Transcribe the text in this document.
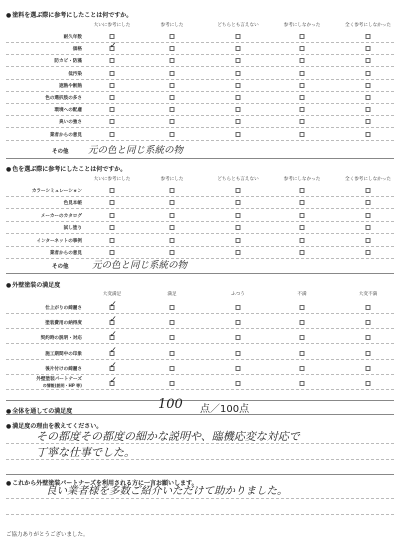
●塗料を選ぶ際に参考にしたことは何ですか。
大いに参考にした	参考にした	どちらとも言えない	参考にしなかった	全く参考にしなかった
耐久年数
価格	✓
防カビ・防藻
低汚染
遮熱や断熱
色の選択肢の多さ
環境への配慮
臭いの強さ
業者からの意見
その他 元の色と同じ系統の物
●色を選ぶ際に参考にしたことは何ですか。
大いに参考にした	参考にした	どちらとも言えない	参考にしなかった	全く参考にしなかった
カラーシミュレーション
色見本帳
メーカーのカタログ
試し塗り
インターネットの事例
業者からの意見
その他 元の色と同じ系統の物
●外壁塗装の満足度
大変満足	満足	ふつう	不満	大変不満
仕上がりの綺麗さ	✓
塗装費用の納得度	✓
契約時の説明・対応	✓
施工期間中の印象	✓
後片付けの綺麗さ	✓
外壁塗装パートナーズ
の情報(説明・HP 等)	✓
●全体を通しての満足度	100 点／100点
●満足度の理由を教えてください。
その都度その都度の細かな説明や、臨機応変な対応で
丁寧な仕事でした。
●これから外壁塗装パートナーズを利用される方に一言お願いします。
良い業者様を多数ご紹介いただけて助かりました。
ご協力ありがとうございました。
